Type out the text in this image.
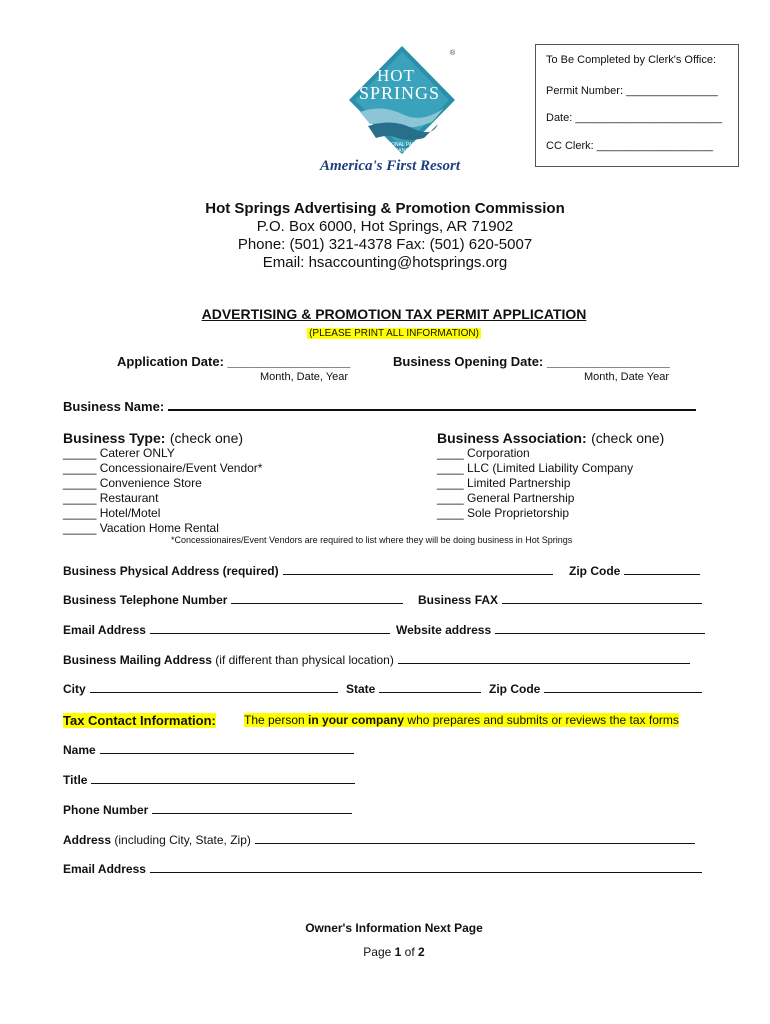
HOT
SPRINGS
NATIONAL PARK
ARKANSAS
®
America's First Resort
To Be Completed by Clerk's Office:
Permit Number: _______________
Date: ________________________
CC Clerk: ___________________
Hot Springs Advertising & Promotion Commission
P.O. Box 6000, Hot Springs, AR 71902
Phone: (501) 321-4378 Fax: (501) 620-5007
Email: hsaccounting@hotsprings.org
ADVERTISING & PROMOTION TAX PERMIT APPLICATION
(PLEASE PRINT ALL INFORMATION)
Application Date: _________________
Month, Date, Year
Business Opening Date: _________________
Month, Date Year
Business Name:
Business Type: (check one)
_____ Caterer ONLY
_____ Concessionaire/Event Vendor*
_____ Convenience Store
_____ Restaurant
_____ Hotel/Motel
_____ Vacation Home Rental
Business Association: (check one)
____ Corporation
____ LLC (Limited Liability Company
____ Limited Partnership
____ General Partnership
____ Sole Proprietorship
*Concessionaires/Event Vendors are required to list where they will be doing business in Hot Springs
Business Physical Address (required)	Zip Code
Business Telephone Number	Business FAX
Email Address	Website address
Business Mailing Address (if different than physical location)
City	State	Zip Code
Tax Contact Information: The person in your company who prepares and submits or reviews the tax forms
Name
Title
Phone Number
Address (including City, State, Zip)
Email Address
Owner's Information Next Page
Page 1 of 2
